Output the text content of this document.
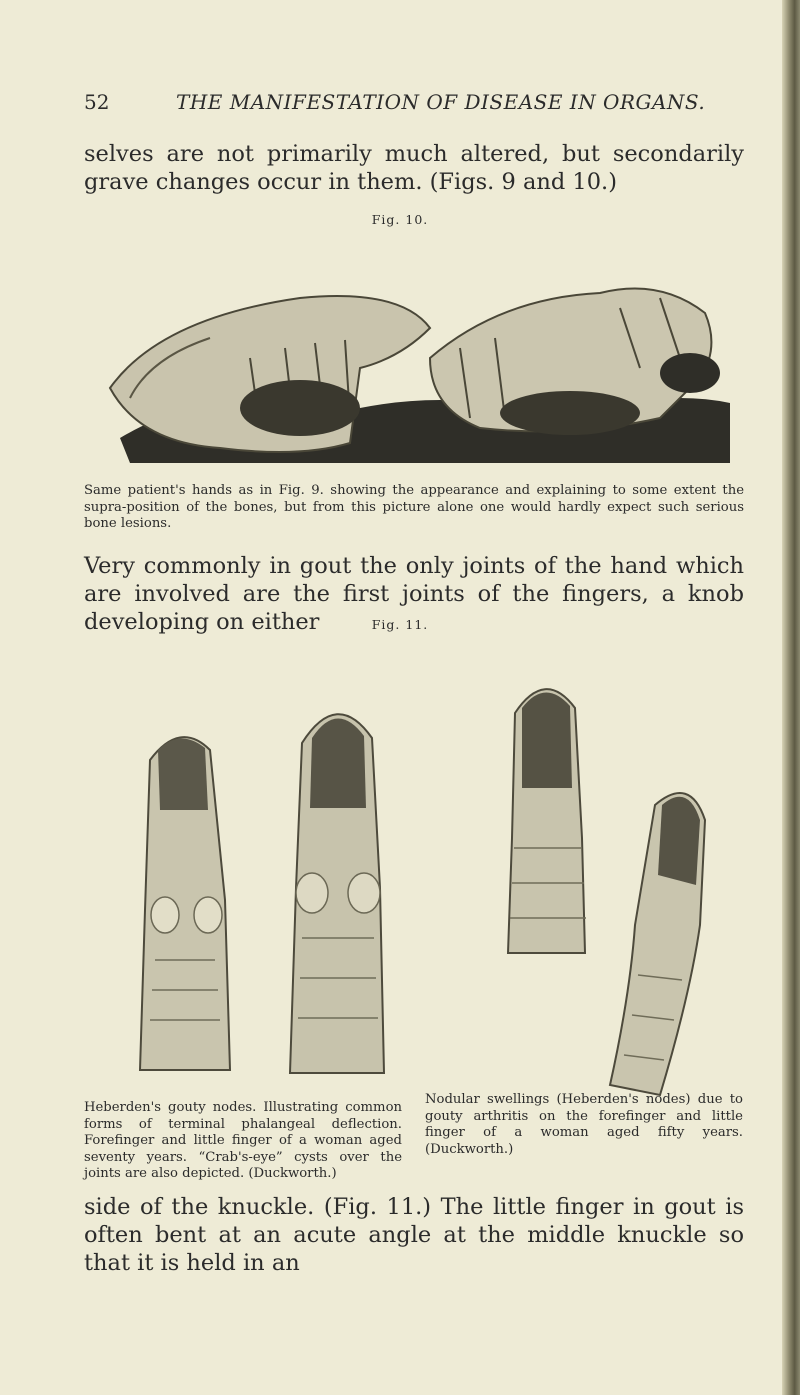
52	THE MANIFESTATION OF DISEASE IN ORGANS.

selves are not primarily much altered, but secondarily grave changes occur in them. (Figs. 9 and 10.)

Fig. 10.

Same patient's hands as in Fig. 9. showing the appearance and explaining to some extent the supra-position of the bones, but from this picture alone one would hardly expect such serious bone lesions.

Very commonly in gout the only joints of the hand which are involved are the first joints of the fingers, a knob developing on either	Fig. 11.

Heberden's gouty nodes. Illustrating common forms of terminal phalangeal deflection. Forefinger and little finger of a woman aged seventy years. “Crab's-eye” cysts over the joints are also depicted. (Duckworth.)

Nodular swellings (Heberden's nodes) due to gouty arthritis on the forefinger and little finger of a woman aged fifty years. (Duckworth.)

side of the knuckle. (Fig. 11.) The little finger in gout is often bent at an acute angle at the middle knuckle so that it is held in an
